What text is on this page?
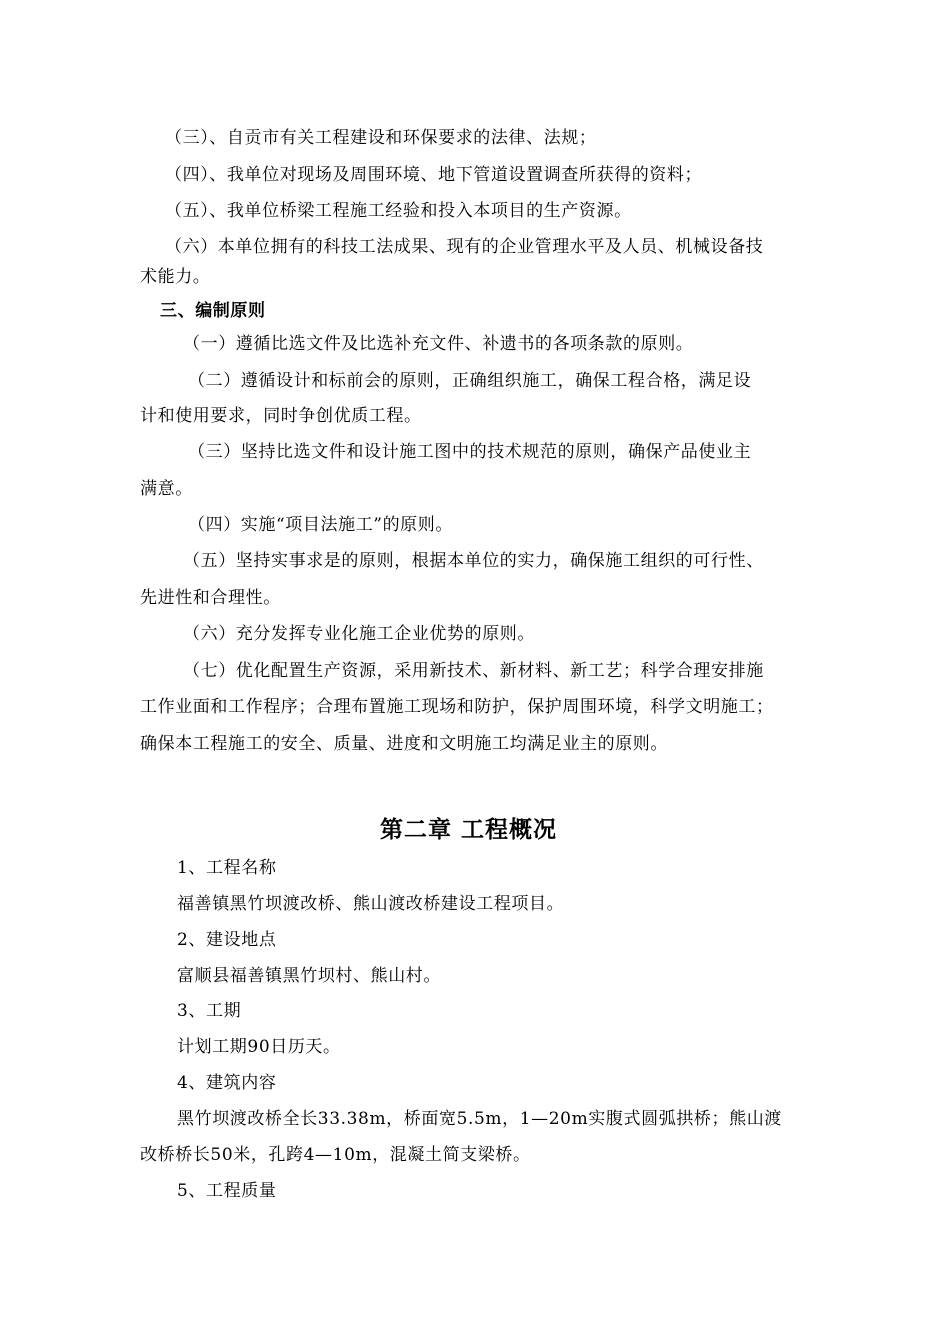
（三）、自贡市有关工程建设和环保要求的法律、法规；
（四）、我单位对现场及周围环境、地下管道设置调查所获得的资料；
（五）、我单位桥梁工程施工经验和投入本项目的生产资源。
（六）本单位拥有的科技工法成果、现有的企业管理水平及人员、机械设备技
术能力。
三、编制原则
（一）遵循比选文件及比选补充文件、补遗书的各项条款的原则。
（二）遵循设计和标前会的原则，正确组织施工，确保工程合格，满足设
计和使用要求，同时争创优质工程。
（三）坚持比选文件和设计施工图中的技术规范的原则，确保产品使业主
满意。
（四）实施“项目法施工”的原则。
（五）坚持实事求是的原则，根据本单位的实力，确保施工组织的可行性、
先进性和合理性。
（六）充分发挥专业化施工企业优势的原则。
（七）优化配置生产资源，采用新技术、新材料、新工艺；科学合理安排施
工作业面和工作程序；合理布置施工现场和防护，保护周围环境，科学文明施工；
确保本工程施工的安全、质量、进度和文明施工均满足业主的原则。
第二章 工程概况
1、工程名称
福善镇黑竹坝渡改桥、熊山渡改桥建设工程项目。
2、建设地点
富顺县福善镇黑竹坝村、熊山村。
3、工期
计划工期90日历天。
4、建筑内容
黑竹坝渡改桥全长33.38m，桥面宽5.5m，1—20m实腹式圆弧拱桥；熊山渡
改桥桥长50米，孔跨4—10m，混凝土简支梁桥。
5、工程质量
